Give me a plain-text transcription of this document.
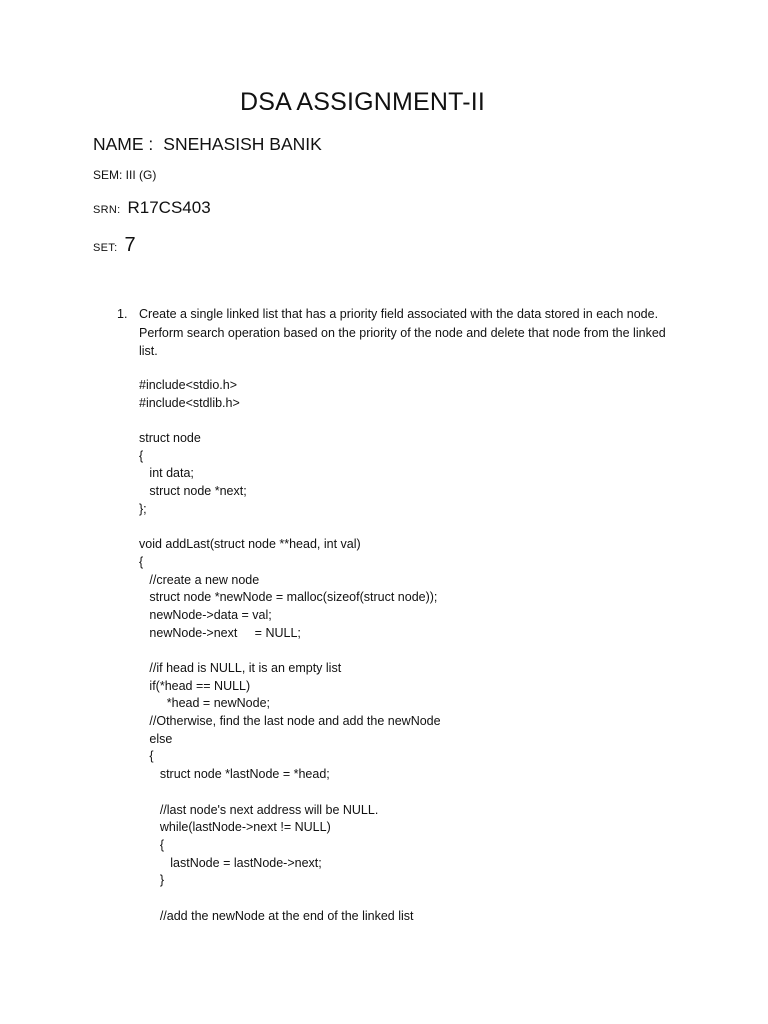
DSA ASSIGNMENT-II
NAME : SNEHASISH BANIK
SEM: III (G)
SRN: R17CS403
SET: 7
1. Create a single linked list that has a priority field associated with the data stored in each node. Perform search operation based on the priority of the node and delete that node from the linked list.
#include<stdio.h>
#include<stdlib.h>
struct node
{
int data;
struct node *next;
};
void addLast(struct node **head, int val)
{
//create a new node
struct node *newNode = malloc(sizeof(struct node));
newNode->data = val;
newNode->next     = NULL;
//if head is NULL, it is an empty list
if(*head == NULL)
*head = newNode;
//Otherwise, find the last node and add the newNode
else
{
struct node *lastNode = *head;
//last node's next address will be NULL.
while(lastNode->next != NULL)
{
lastNode = lastNode->next;
}
//add the newNode at the end of the linked list
